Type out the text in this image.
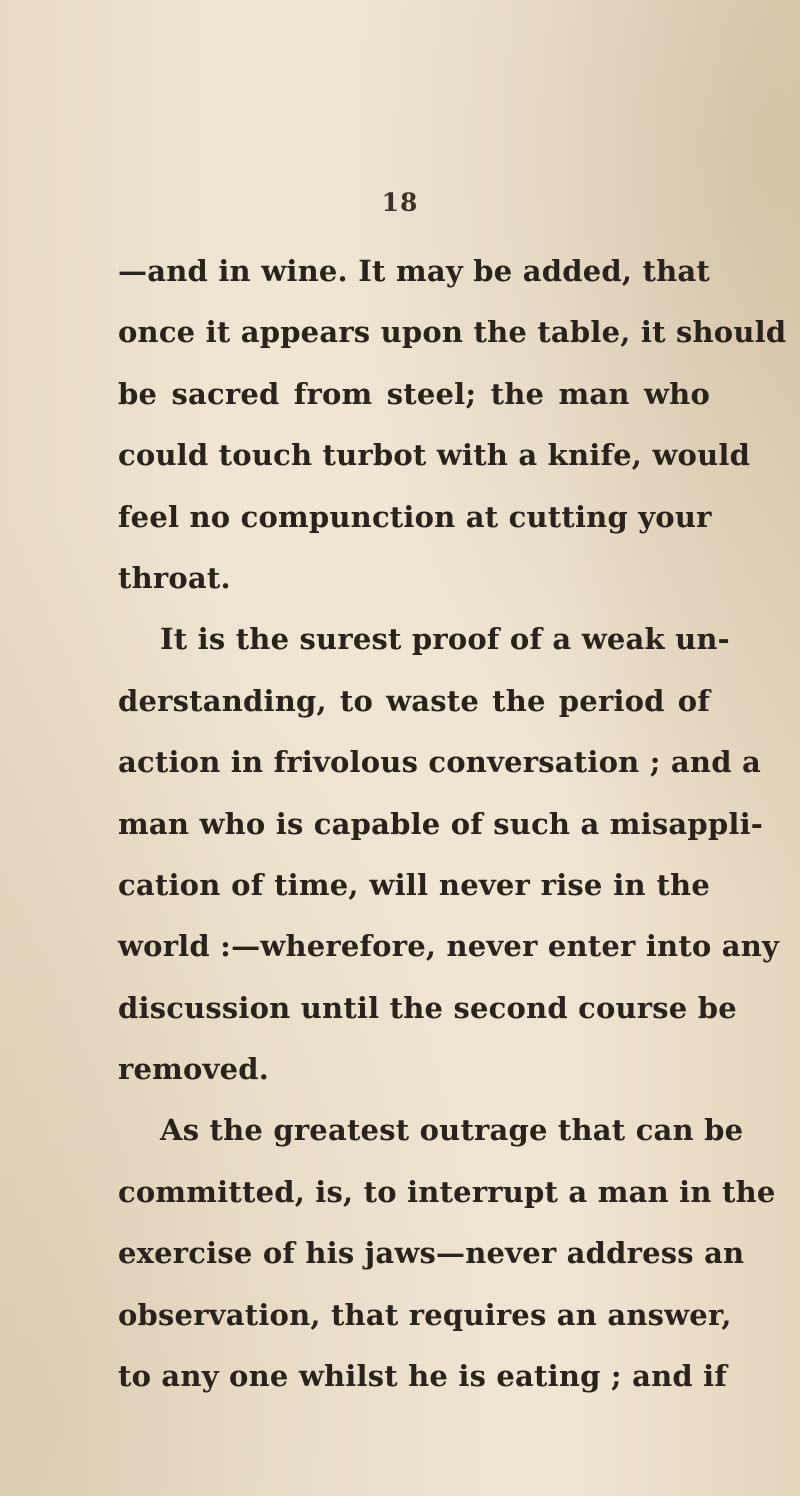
18
—and in wine. It may be added, that
once it appears upon the table, it should
be sacred from steel; the man who
could touch turbot with a knife, would
feel no compunction at cutting your
throat.
It is the surest proof of a weak un-
derstanding, to waste the period of
action in frivolous conversation ; and a
man who is capable of such a misappli-
cation of time, will never rise in the
world :—wherefore, never enter into any
discussion until the second course be
removed.
As the greatest outrage that can be
committed, is, to interrupt a man in the
exercise of his jaws—never address an
observation, that requires an answer,
to any one whilst he is eating ; and if
